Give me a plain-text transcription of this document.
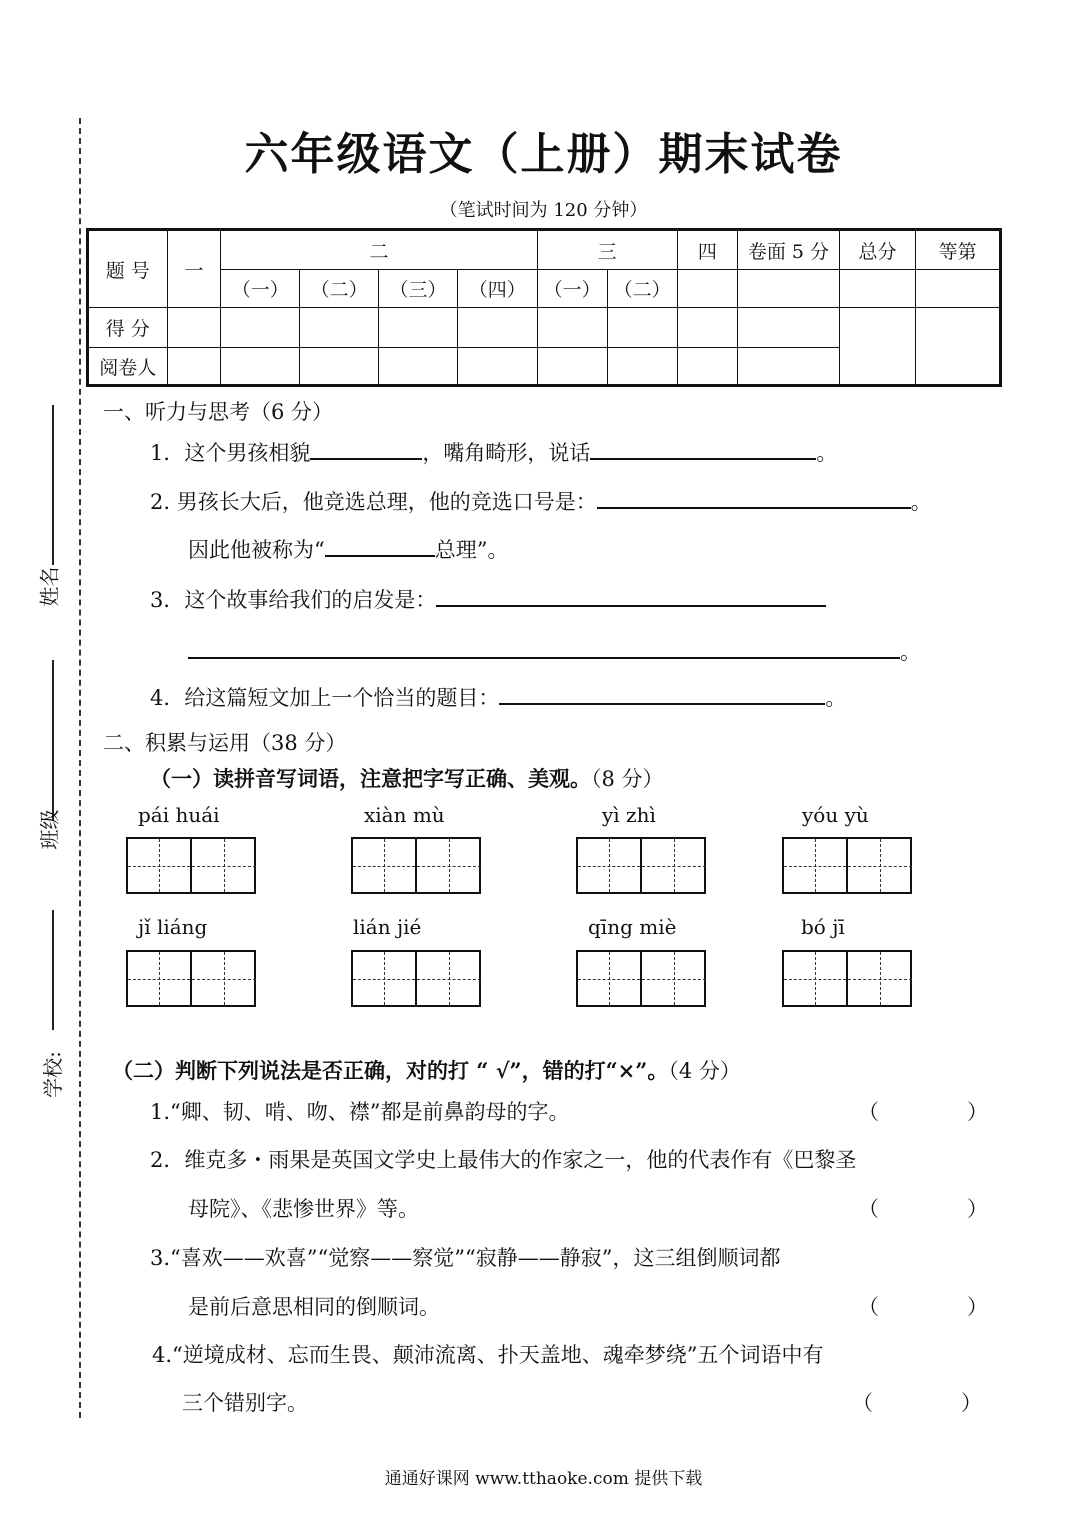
姓名
班级
学校:
六年级语文（上册）期末试卷
（笔试时间为 120 分钟）
题 号	一	二				三		四	卷面 5 分	总分	等第
		（一）	（二）	（三）	（四）	（一）	（二）				
得 分											
阅卷人											
一、听力与思考（6 分）
1．这个男孩相貌	，嘴角畸形，说话	。
2. 男孩长大后，他竞选总理，他的竞选口号是：	。
因此他被称为“	总理”。
3．这个故事给我们的启发是：
。
4．给这篇短文加上一个恰当的题目：	。
二、积累与运用（38 分）
（一）读拼音写词语，注意把字写正确、美观。（8 分）
pái huái	xiàn mù	yì zhì	yóu yù
jǐ liáng	lián jié	qīng miè	bó jī
（二）判断下列说法是否正确，对的打 “ √”，错的打“×”。（4 分）
1.“卿、韧、啃、吻、襟”都是前鼻韵母的字。	（	）
2．维克多・雨果是英国文学史上最伟大的作家之一，他的代表作有《巴黎圣
母院》、《悲惨世界》等。	（	）
3.“喜欢——欢喜”“觉察——察觉”“寂静——静寂”，这三组倒顺词都
是前后意思相同的倒顺词。	（	）
4.“逆境成材、忘而生畏、颠沛流离、扑天盖地、魂牵梦绕”五个词语中有
三个错别字。	（	）
通通好课网 www.tthaoke.com 提供下载
